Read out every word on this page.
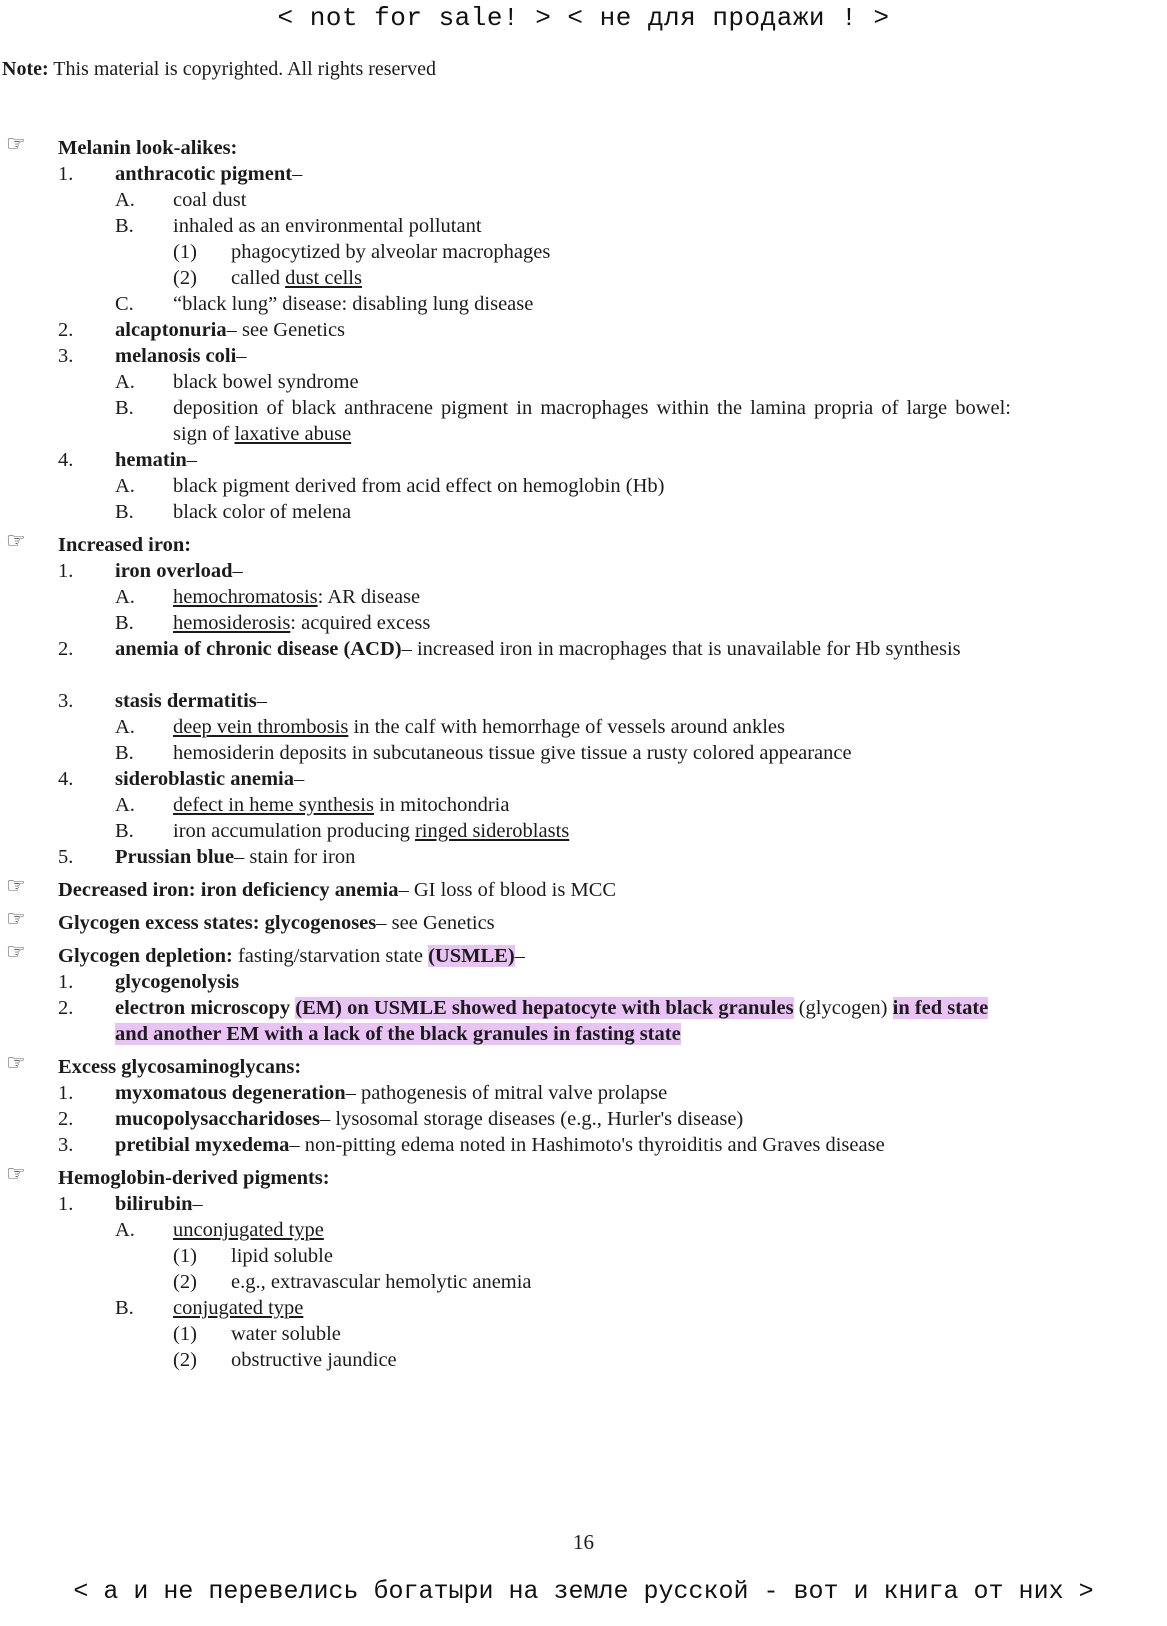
< not for sale! > < не для продажи ! >
Note: This material is copyrighted. All rights reserved
☞ Melanin look-alikes:
1. anthracotic pigment–
A. coal dust
B. inhaled as an environmental pollutant
(1) phagocytized by alveolar macrophages
(2) called dust cells
C. “black lung” disease: disabling lung disease
2. alcaptonuria– see Genetics
3. melanosis coli–
A. black bowel syndrome
B. deposition of black anthracene pigment in macrophages within the lamina propria of large bowel: sign of laxative abuse
4. hematin–
A. black pigment derived from acid effect on hemoglobin (Hb)
B. black color of melena
☞ Increased iron:
1. iron overload–
A. hemochromatosis: AR disease
B. hemosiderosis: acquired excess
2. anemia of chronic disease (ACD)– increased iron in macrophages that is unavailable for Hb synthesis
3. stasis dermatitis–
A. deep vein thrombosis in the calf with hemorrhage of vessels around ankles
B. hemosiderin deposits in subcutaneous tissue give tissue a rusty colored appearance
4. sideroblastic anemia–
A. defect in heme synthesis in mitochondria
B. iron accumulation producing ringed sideroblasts
5. Prussian blue– stain for iron
☞ Decreased iron: iron deficiency anemia– GI loss of blood is MCC
☞ Glycogen excess states: glycogenoses– see Genetics
☞ Glycogen depletion: fasting/starvation state (USMLE)–
1. glycogenolysis
2. electron microscopy (EM) on USMLE showed hepatocyte with black granules (glycogen) in fed state and another EM with a lack of the black granules in fasting state
☞ Excess glycosaminoglycans:
1. myxomatous degeneration– pathogenesis of mitral valve prolapse
2. mucopolysaccharidoses– lysosomal storage diseases (e.g., Hurler's disease)
3. pretibial myxedema– non-pitting edema noted in Hashimoto's thyroiditis and Graves disease
☞ Hemoglobin-derived pigments:
1. bilirubin–
A. unconjugated type
(1) lipid soluble
(2) e.g., extravascular hemolytic anemia
B. conjugated type
(1) water soluble
(2) obstructive jaundice
16
< а и не перевелись богатыри на земле русской - вот и книга от них >
